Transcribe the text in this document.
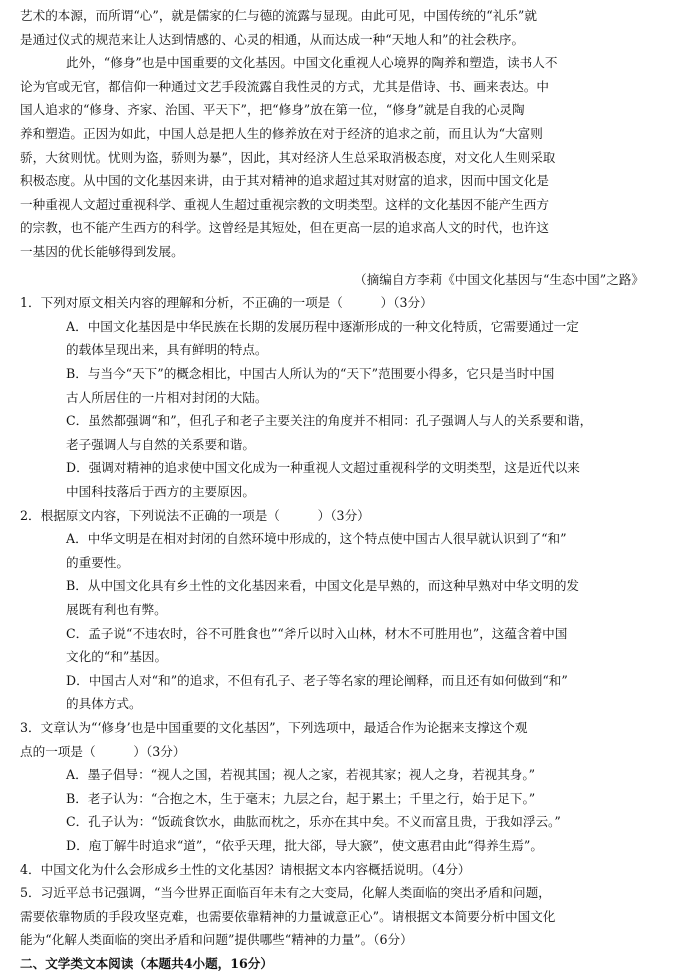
艺术的本源，而所谓“心”，就是儒家的仁与德的流露与显现。由此可见，中国传统的“礼乐”就
是通过仪式的规范来让人达到情感的、心灵的相通，从而达成一种“天地人和”的社会秩序。
此外，“修身”也是中国重要的文化基因。中国文化重视人心境界的陶养和塑造，读书人不
论为官或无官，都信仰一种通过文艺手段流露自我性灵的方式，尤其是借诗、书、画来表达。中
国人追求的“修身、齐家、治国、平天下”，把“修身”放在第一位，“修身”就是自我的心灵陶
养和塑造。正因为如此，中国人总是把人生的修养放在对于经济的追求之前，而且认为“大富则
骄，大贫则忧。忧则为盗，骄则为暴”，因此，其对经济人生总采取消极态度，对文化人生则采取
积极态度。从中国的文化基因来讲，由于其对精神的追求超过其对财富的追求，因而中国文化是
一种重视人文超过重视科学、重视人生超过重视宗教的文明类型。这样的文化基因不能产生西方
的宗教，也不能产生西方的科学。这曾经是其短处，但在更高一层的追求高人文的时代，也许这
一基因的优长能够得到发展。
（摘编自方李莉《中国文化基因与“生态中国”之路》
1．下列对原文相关内容的理解和分析，不正确的一项是（　　　）（3分）
A．中国文化基因是中华民族在长期的发展历程中逐渐形成的一种文化特质，它需要通过一定
的载体呈现出来，具有鲜明的特点。
B．与当今“天下”的概念相比，中国古人所认为的“天下”范围要小得多，它只是当时中国
古人所居住的一片相对封闭的大陆。
C．虽然都强调“和”，但孔子和老子主要关注的角度并不相同：孔子强调人与人的关系要和谐，
老子强调人与自然的关系要和谐。
D．强调对精神的追求使中国文化成为一种重视人文超过重视科学的文明类型，这是近代以来
中国科技落后于西方的主要原因。
2．根据原文内容，下列说法不正确的一项是（　　　）（3分）
A．中华文明是在相对封闭的自然环境中形成的，这个特点使中国古人很早就认识到了“和”
的重要性。
B．从中国文化具有乡土性的文化基因来看，中国文化是早熟的，而这种早熟对中华文明的发
展既有利也有弊。
C．孟子说“不违农时，谷不可胜食也”“斧斤以时入山林，材木不可胜用也”，这蕴含着中国
文化的“和”基因。
D．中国古人对“和”的追求，不但有孔子、老子等名家的理论阐释，而且还有如何做到“和”
的具体方式。
3．文章认为“‘修身’也是中国重要的文化基因”，下列选项中，最适合作为论据来支撑这个观
点的一项是（　　　）（3分）
A．墨子倡导：“视人之国，若视其国；视人之家，若视其家；视人之身，若视其身。”
B．老子认为：“合抱之木，生于毫末；九层之台，起于累土；千里之行，始于足下。”
C．孔子认为：“饭疏食饮水，曲肱而枕之，乐亦在其中矣。不义而富且贵，于我如浮云。”
D．庖丁解牛时追求“道”，“依乎天理，批大郤，导大窾”，使文惠君由此“得养生焉”。
4．中国文化为什么会形成乡土性的文化基因？请根据文本内容概括说明。（4分）
5．习近平总书记强调，“当今世界正面临百年未有之大变局，化解人类面临的突出矛盾和问题，
需要依靠物质的手段攻坚克难，也需要依靠精神的力量诚意正心”。请根据文本简要分析中国文化
能为“化解人类面临的突出矛盾和问题”提供哪些“精神的力量”。（6分）
二、文学类文本阅读（本题共4小题，16分）
